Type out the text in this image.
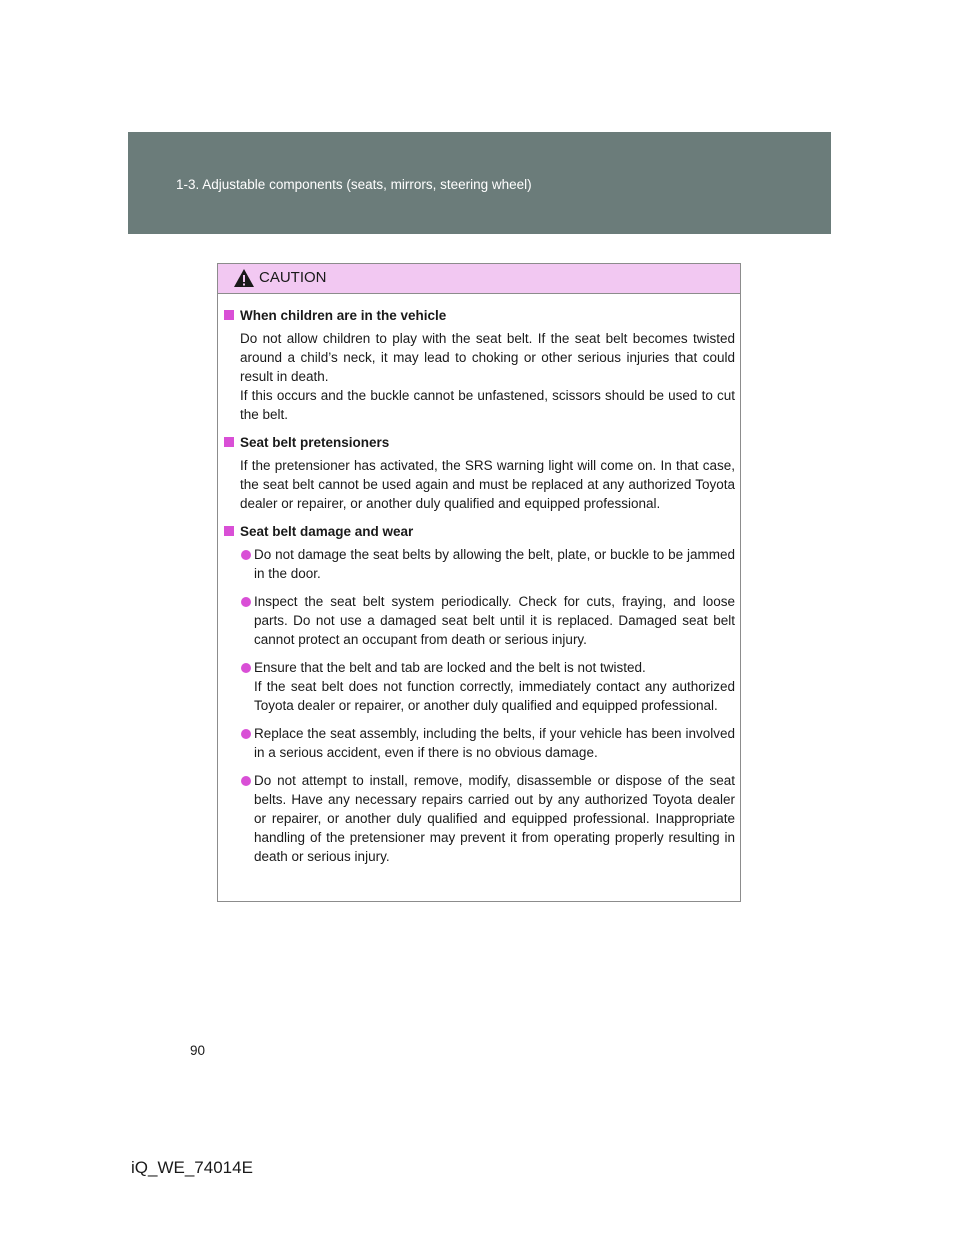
1-3. Adjustable components (seats, mirrors, steering wheel)
CAUTION
When children are in the vehicle

Do not allow children to play with the seat belt. If the seat belt becomes twisted around a child’s neck, it may lead to choking or other serious injuries that could result in death.

If this occurs and the buckle cannot be unfastened, scissors should be used to cut the belt.

Seat belt pretensioners

If the pretensioner has activated, the SRS warning light will come on. In that case, the seat belt cannot be used again and must be replaced at any authorized Toyota dealer or repairer, or another duly qualified and equipped professional.

Seat belt damage and wear

Do not damage the seat belts by allowing the belt, plate, or buckle to be jammed in the door.

Inspect the seat belt system periodically. Check for cuts, fraying, and loose parts. Do not use a damaged seat belt until it is replaced. Damaged seat belt cannot protect an occupant from death or serious injury.

Ensure that the belt and tab are locked and the belt is not twisted.

If the seat belt does not function correctly, immediately contact any authorized Toyota dealer or repairer, or another duly qualified and equipped professional.

Replace the seat assembly, including the belts, if your vehicle has been involved in a serious accident, even if there is no obvious damage.

Do not attempt to install, remove, modify, disassemble or dispose of the seat belts. Have any necessary repairs carried out by any authorized Toyota dealer or repairer, or another duly qualified and equipped professional. Inappropriate handling of the pretensioner may prevent it from operating properly resulting in death or serious injury.

90
iQ_WE_74014E
